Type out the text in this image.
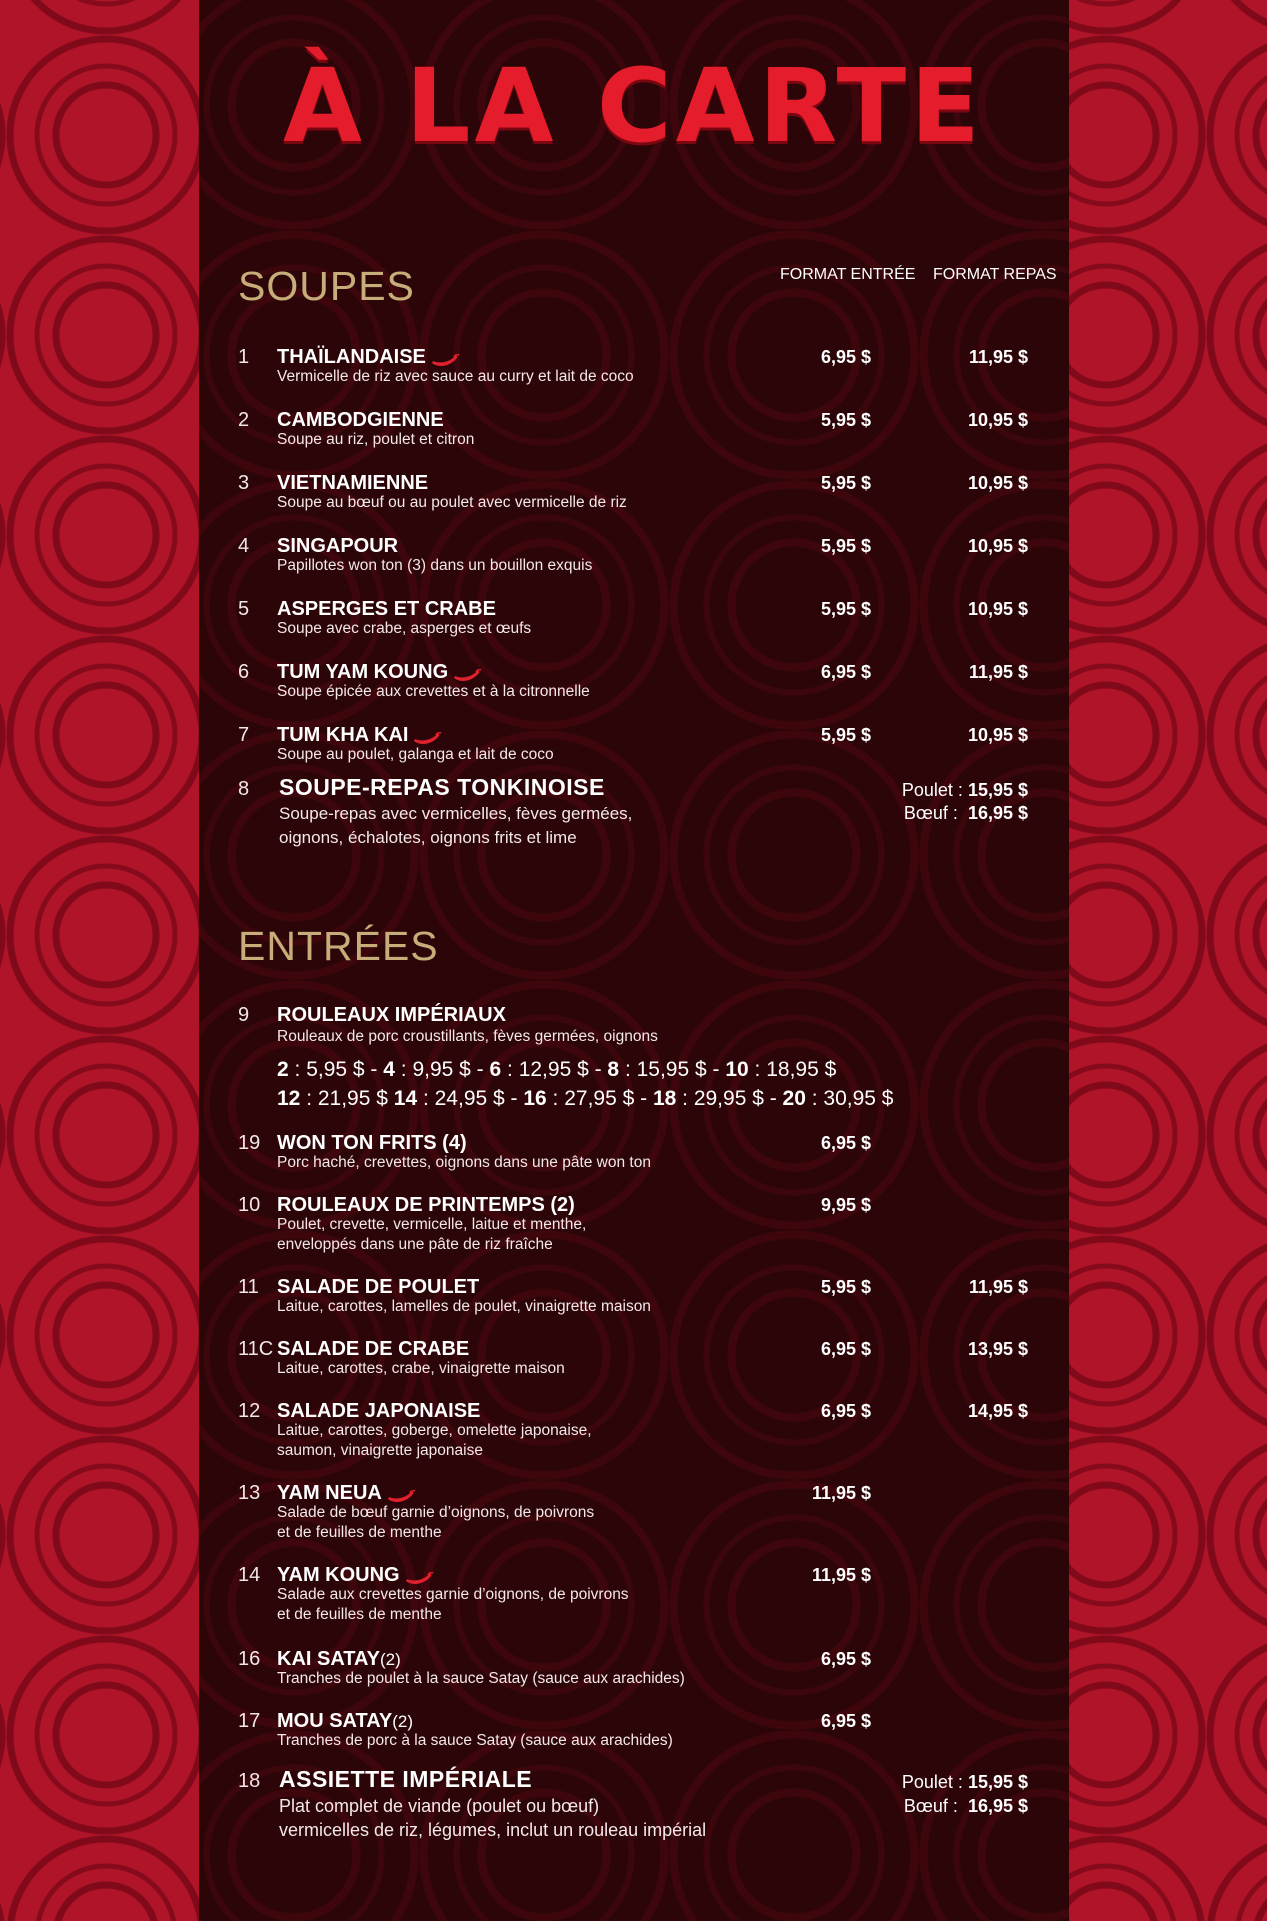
À LA CARTE
SOUPES	FORMAT ENTRÉE FORMAT REPAS
1 THAÏLANDAISE
Vermicelle de riz avec sauce au curry et lait de coco
6,95 $	11,95 $
2 CAMBODGIENNE
Soupe au riz, poulet et citron
5,95 $	10,95 $
3 VIETNAMIENNE
Soupe au bœuf ou au poulet avec vermicelle de riz
5,95 $	10,95 $
4 SINGAPOUR
Papillotes won ton (3) dans un bouillon exquis
5,95 $	10,95 $
5 ASPERGES ET CRABE
Soupe avec crabe, asperges et œufs
5,95 $	10,95 $
6 TUM YAM KOUNG
Soupe épicée aux crevettes et à la citronnelle
6,95 $	11,95 $
7 TUM KHA KAI
Soupe au poulet, galanga et lait de coco
5,95 $	10,95 $
8 SOUPE-REPAS TONKINOISE
Soupe-repas avec vermicelles, fèves germées,
oignons, échalotes, oignons frits et lime
Poulet : 15,95 $
Bœuf : 16,95 $
ENTRÉES
9 ROULEAUX IMPÉRIAUX
Rouleaux de porc croustillants, fèves germées, oignons
2 : 5,95 $ - 4 : 9,95 $ - 6 : 12,95 $ - 8 : 15,95 $ - 10 : 18,95 $
12 : 21,95 $ 14 : 24,95 $ - 16 : 27,95 $ - 18 : 29,95 $ - 20 : 30,95 $
19 WON TON FRITS (4)
Porc haché, crevettes, oignons dans une pâte won ton
6,95 $
10 ROULEAUX DE PRINTEMPS (2)
Poulet, crevette, vermicelle, laitue et menthe,
enveloppés dans une pâte de riz fraîche
9,95 $
11 SALADE DE POULET
Laitue, carottes, lamelles de poulet, vinaigrette maison
5,95 $	11,95 $
11C SALADE DE CRABE
Laitue, carottes, crabe, vinaigrette maison
6,95 $	13,95 $
12 SALADE JAPONAISE
Laitue, carottes, goberge, omelette japonaise,
saumon, vinaigrette japonaise
6,95 $	14,95 $
13 YAM NEUA
Salade de bœuf garnie d’oignons, de poivrons
et de feuilles de menthe
11,95 $
14 YAM KOUNG
Salade aux crevettes garnie d’oignons, de poivrons
et de feuilles de menthe
11,95 $
16 KAI SATAY(2)
Tranches de poulet à la sauce Satay (sauce aux arachides)
6,95 $
17 MOU SATAY(2)
Tranches de porc à la sauce Satay (sauce aux arachides)
6,95 $
18 ASSIETTE IMPÉRIALE
Plat complet de viande (poulet ou bœuf)
vermicelles de riz, légumes, inclut un rouleau impérial
Poulet : 15,95 $
Bœuf : 16,95 $
